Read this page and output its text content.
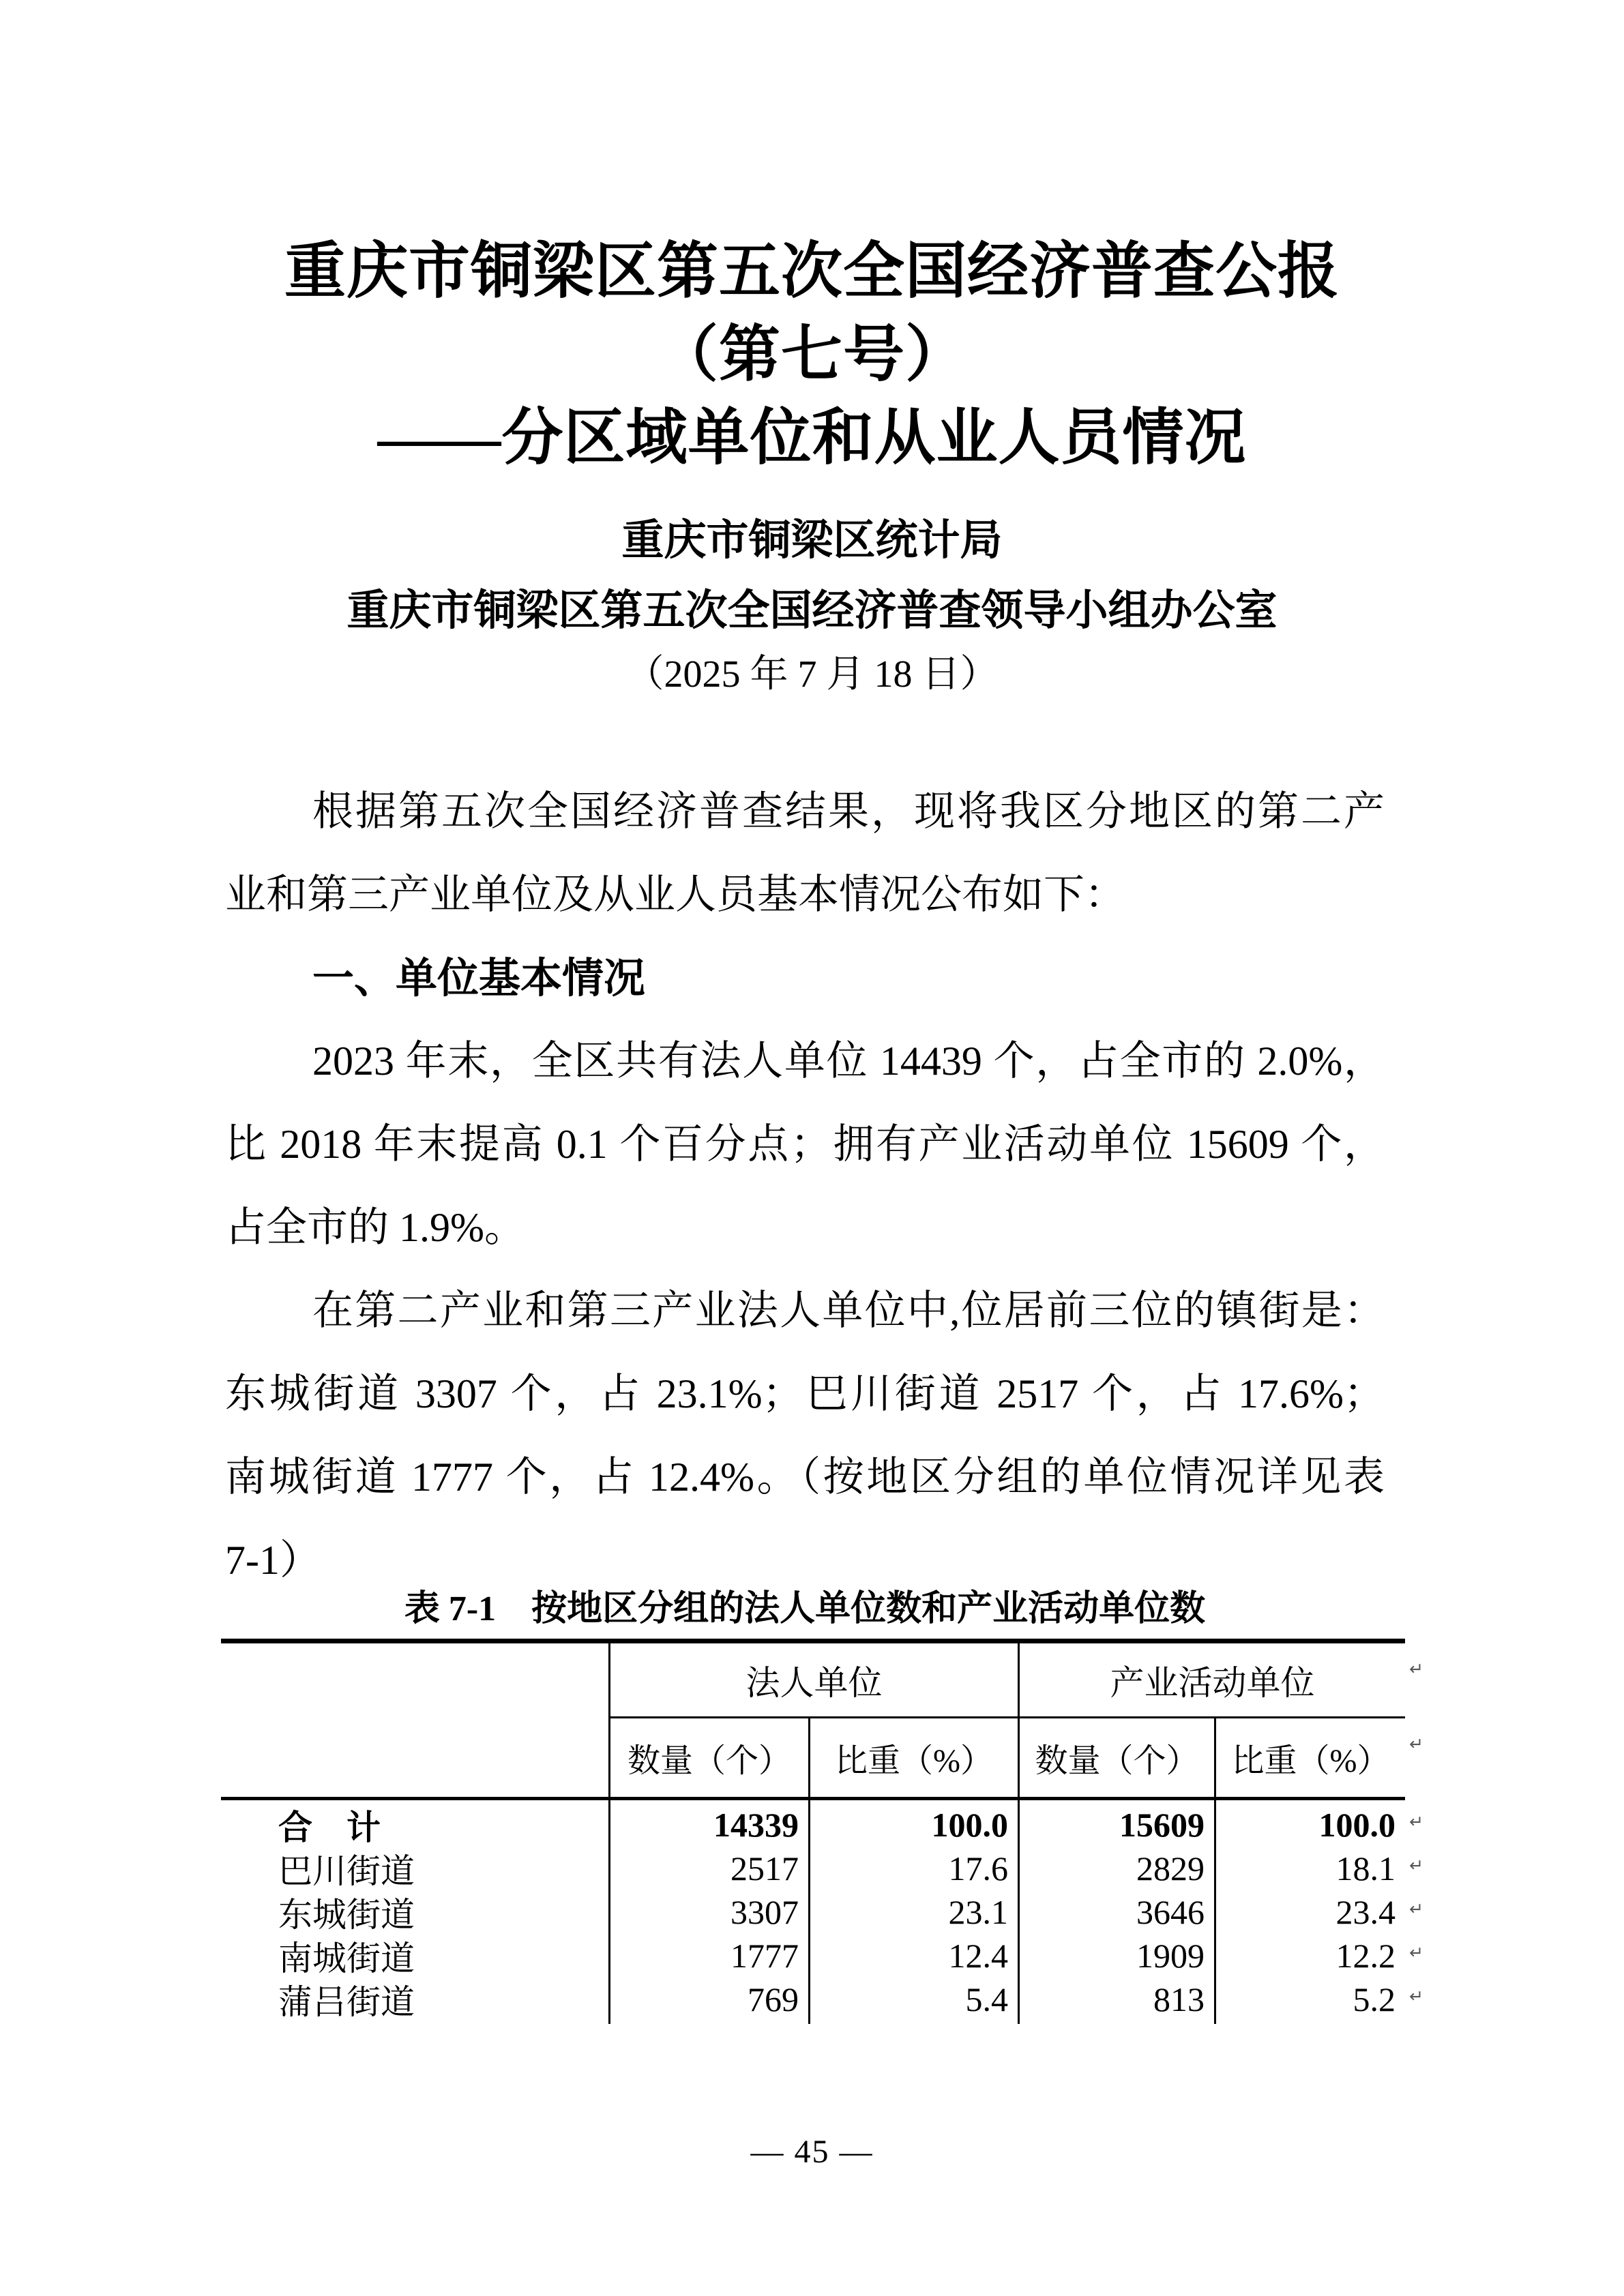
重庆市铜梁区第五次全国经济普查公报
（第七号）
——分区域单位和从业人员情况
重庆市铜梁区统计局
重庆市铜梁区第五次全国经济普查领导小组办公室
（2025 年 7 月 18 日）
根据第五次全国经济普查结果，现将我区分地区的第二产
业和第三产业单位及从业人员基本情况公布如下：
一、单位基本情况
2023 年末，全区共有法人单位 14439 个，占全市的 2.0%，
比 2018 年末提高 0.1 个百分点；拥有产业活动单位 15609 个，
占全市的 1.9%。
在第二产业和第三产业法人单位中,位居前三位的镇街是：
东城街道 3307 个，占 23.1%；巴川街道 2517 个，占 17.6%；
南城街道 1777 个，占 12.4%。（按地区分组的单位情况详见表
7-1）
表 7-1　按地区分组的法人单位数和产业活动单位数
法人单位	产业活动单位
数量（个）	比重（%）	数量（个）	比重（%）
合　计	14339	100.0	15609	100.0
巴川街道	2517	17.6	2829	18.1
东城街道	3307	23.1	3646	23.4
南城街道	1777	12.4	1909	12.2
蒲吕街道	769	5.4	813	5.2
↵
↵
↵
↵
↵
↵
↵
— 45 —
